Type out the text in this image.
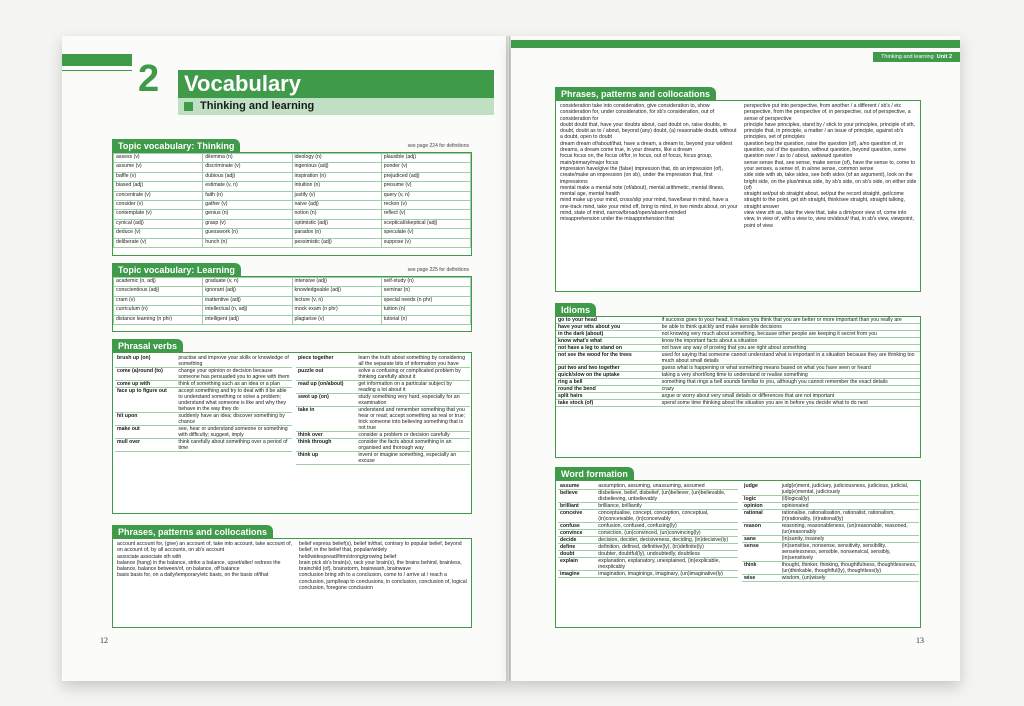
2	Vocabulary
Thinking and learning
Topic vocabulary: Thinking	see page 224 for definitions
assess (v)	dilemma (n)	ideology (n)	plausible (adj)
assume (v)	discriminate (v)	ingenious (adj)	ponder (v)
baffle (v)	dubious (adj)	inspiration (n)	prejudiced (adj)
biased (adj)	estimate (v, n)	intuition (n)	presume (v)
concentrate (v)	faith (n)	justify (v)	query (v, n)
consider (v)	gather (v)	naive (adj)	reckon (v)
contemplate (v)	genius (n)	notion (n)	reflect (v)
cynical (adj)	grasp (v)	optimistic (adj)	sceptical/skeptical (adj)
deduce (v)	guesswork (n)	paradox (n)	speculate (v)
deliberate (v)	hunch (n)	pessimistic (adj)	suppose (v)
Topic vocabulary: Learning	see page 225 for definitions
academic (n, adj)	graduate (v, n)	intensive (adj)	self-study (n)
conscientious (adj)	ignorant (adj)	knowledgeable (adj)	seminar (n)
cram (v)	inattentive (adj)	lecture (v, n)	special needs (n phr)
curriculum (n)	intellectual (n, adj)	mock exam (n phr)	tuition (n)
distance learning (n phr)	intelligent (adj)	plagiarise (v)	tutorial (n)
Phrasal verbs
brush up (on)	practise and improve your skills or knowledge of something
come (a)round (to)	change your opinion or decision because someone has persuaded you to agree with them
come up with	think of something such as an idea or a plan
face up to figure out	accept something and try to deal with it be able to understand something or solve a problem; understand what someone is like and why they behave in the way they do
hit upon	suddenly have an idea; discover something by chance
make out	see, hear or understand someone or something with difficulty; suggest, imply
mull over	think carefully about something over a period of time
piece together	learn the truth about something by considering all the separate bits of information you have
puzzle out	solve a confusing or complicated problem by thinking carefully about it
read up (on/about)	get information on a particular subject by reading a lot about it
swot up (on)	study something very hard, especially for an examination
take in	understand and remember something that you hear or read; accept something as real or true; trick someone into believing something that is not true
think over	consider a problem or decision carefully
think through	consider the facts about something in an organised and thorough way
think up	invent or imagine something, especially an excuse
Phrases, patterns and collocations
account account for, (give) an account of, take into account, take account of, on account of, by all accounts, on sb's account
associate associate sth with
balance (hang) in the balance, strike a balance, upset/alter/ redress the balance, balance between/of, on balance, off balance
basis basis for, on a daily/temporary/etc basis, on the basis of/that
belief express belief(s), belief in/that, contrary to popular belief, beyond belief, in the belief that, popular/widely held/widespread/firm/strong/growing belief
brain pick sb's brain(s), rack your brain(s), the brains behind, brainless, brainchild (of), brainstorm, brainwash, brainwave
conclusion bring sth to a conclusion, come to / arrive at / reach a conclusion, jump/leap to conclusions, in conclusion, conclusion of, logical conclusion, foregone conclusion
12
Thinking and learning Unit 2
Phrases, patterns and collocations
consideration take into consideration, give consideration to, show consideration for, under consideration, for sb's consideration, out of consideration for
doubt doubt that, have your doubts about, cast doubt on, raise doubts, in doubt, doubt as to / about, beyond (any) doubt, (a) reasonable doubt, without a doubt, open to doubt
dream dream of/about/that, have a dream, a dream to, beyond your wildest dreams, a dream come true, in your dreams, like a dream
focus focus on, the focus of/for, in focus, out of focus, focus group, main/primary/major focus
impression have/give the (false) impression that, do an impression (of), create/make an impression (on sb), under the impression that, first impressions
mental make a mental note (of/about), mental arithmetic, mental illness, mental age, mental health
mind make up your mind, cross/slip your mind, have/bear in mind, have a one-track mind, take your mind off, bring to mind, in two minds about, on your mind, state of mind, narrow/broad/open/absent-minded
misapprehension under the misapprehension that
perspective put into perspective, from another / a different / sb's / etc perspective, from the perspective of, in perspective, out of perspective, a sense of perspective
principle have principles, stand by / stick to your principles, principle of sth, principle that, in principle, a matter / an issue of principle, against sb's principles, set of principles
question beg the question, raise the question (of), a/no question of, in question, out of the question, without question, beyond question, some question over / as to / about, awkward question
sense sense that, see sense, make sense (of), have the sense to, come to your senses, a sense of, in a/one sense, common sense
side side with sb, take sides, see both sides (of an argument), look on the bright side, on the plus/minus side, by sb's side, on sb's side, on either side (of)
straight set/put sb straight about, set/put the record straight, get/come straight to the point, get sth straight, think/see straight, straight talking, straight answer
view view sth as, take the view that, take a dim/poor view of, come into view, in view of, with a view to, view on/about/ that, in sb's view, viewpoint, point of view
Idioms
go to your head	if success goes to your head, it makes you think that you are better or more important than you really are
have your wits about you	be able to think quickly and make sensible decisions
in the dark (about)	not knowing very much about something, because other people are keeping it secret from you
know what's what	know the important facts about a situation
not have a leg to stand on	not have any way of proving that you are right about something
not see the wood for the trees	used for saying that someone cannot understand what is important in a situation because they are thinking too much about small details
put two and two together	guess what is happening or what something means based on what you have seen or heard
quick/slow on the uptake	taking a very short/long time to understand or realise something
ring a bell	something that rings a bell sounds familiar to you, although you cannot remember the exact details
round the bend	crazy
split hairs	argue or worry about very small details or differences that are not important
take stock (of)	spend some time thinking about the situation you are in before you decide what to do next
Word formation
assume	assumption, assuming, unassuming, assumed
believe	disbelieve, belief, disbelief, (un)believer, (un)believable, disbelieving, unbelievably
brilliant	brilliance, brilliantly
conceive	conceptualise, concept, conception, conceptual, (in)conceivable, (in)conceivably
confuse	confusion, confused, confusing(ly)
convince	conviction, (un)convinced, (un)convincing(ly)
decide	decision, decider, decisiveness, deciding, (in)decisive(ly)
define	definition, defined, definitive(ly), (in)definite(ly)
doubt	doubter, doubtful(ly), undoubtedly, doubtless
explain	explanation, explanatory, unexplained, (in)explicable, inexplicably
imagine	imagination, imaginings, imaginary, (un)imaginative(ly)
judge	judg(e)ment, judiciary, judiciousness, judicious, judicial, judg(e)mental, judiciously
logic	(il)logical(ly)
opinion	opinionated
rational	rationalise, rationalisation, rationalist, rationalism, (ir)rationality, (ir)rational(ly)
reason	reasoning, reasonableness, (un)reasonable, reasoned, (un)reasonably
sane	(in)sanity, insanely
sense	(in)sensitise, nonsense, sensitivity, sensibility, senselessness, sensible, nonsensical, sensibly, (in)sensitively
think	thought, thinker, thinking, thoughtfulness, thoughtlessness, (un)thinkable, thoughtful(ly), thoughtless(ly)
wise	wisdom, (un)wisely
13
